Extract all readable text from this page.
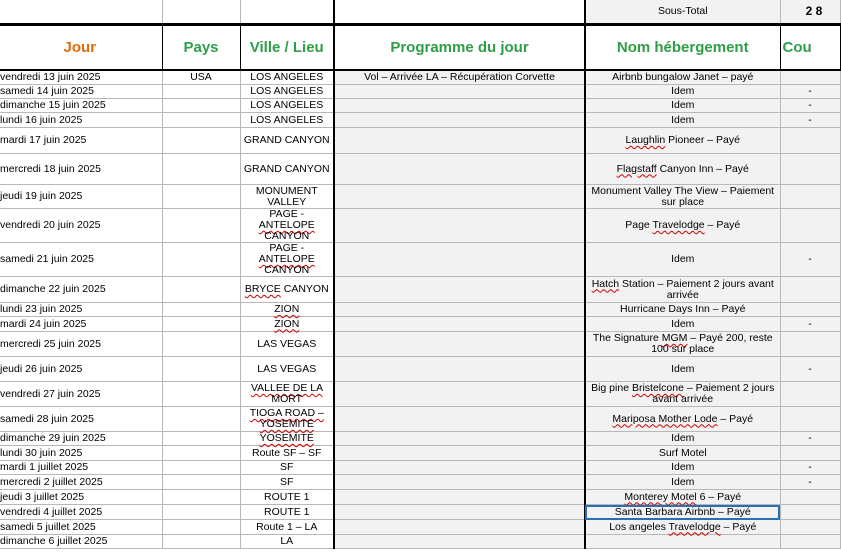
				Sous-Total	2 8
Jour	Pays	Ville / Lieu	Programme du jour	Nom hébergement	Cou
vendredi 13 juin 2025	USA	LOS ANGELES	Vol – Arrivée LA – Récupération Corvette	Airbnb bungalow Janet – payé	
samedi 14 juin 2025		LOS ANGELES		Idem	-
dimanche 15 juin 2025		LOS ANGELES		Idem	-
lundi 16 juin 2025		LOS ANGELES		Idem	-
mardi 17 juin 2025		GRAND CANYON		Laughlin Pioneer – Payé	
mercredi 18 juin 2025		GRAND CANYON		Flagstaff Canyon Inn – Payé	
jeudi 19 juin 2025		MONUMENT VALLEY		Monument Valley The View – Paiement sur place	
vendredi 20 juin 2025		PAGE - ANTELOPE CANYON		Page Travelodge – Payé	
samedi 21 juin 2025		PAGE - ANTELOPE CANYON		Idem	-
dimanche 22 juin 2025		BRYCE CANYON		Hatch Station – Paiement 2 jours avant arrivée	
lundi 23 juin 2025		ZION		Hurricane Days Inn – Payé	
mardi 24 juin 2025		ZION		Idem	-
mercredi 25 juin 2025		LAS VEGAS		The Signature MGM – Payé 200, reste 100 sur place	
jeudi 26 juin 2025		LAS VEGAS		Idem	-
vendredi 27 juin 2025		VALLEE DE LA MORT		Big pine Bristelcone – Paiement 2 jours avant arrivée	
samedi 28 juin 2025		TIOGA ROAD – YOSEMITE		Mariposa Mother Lode – Payé	
dimanche 29 juin 2025		YOSEMITE		Idem	-
lundi 30 juin 2025		Route SF – SF		Surf Motel	
mardi 1 juillet 2025		SF		Idem	-
mercredi 2 juillet 2025		SF		Idem	-
jeudi 3 juillet 2025		ROUTE 1		Monterey Motel 6 – Payé	
vendredi 4 juillet 2025		ROUTE 1		Santa Barbara Airbnb – Payé	
samedi 5 juillet 2025		Route 1 – LA		Los angeles Travelodge – Payé	
dimanche 6 juillet 2025		LA			
